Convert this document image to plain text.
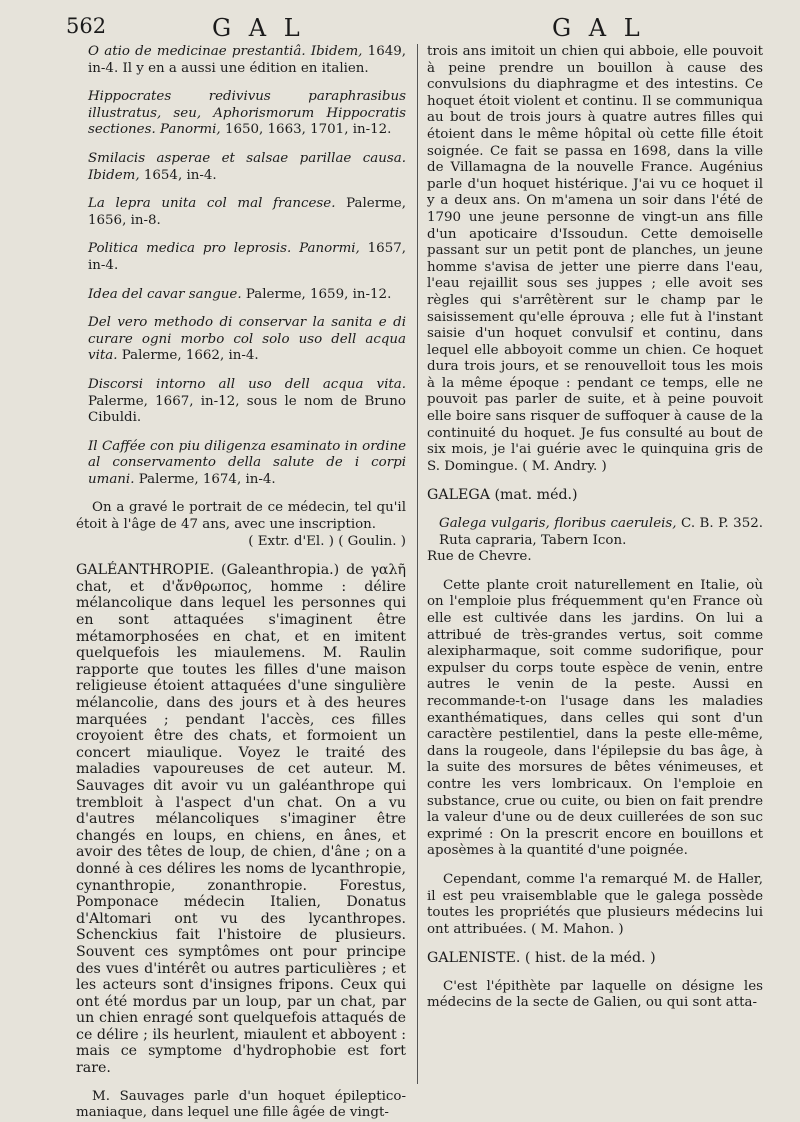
562	G A L	G A L

O atio de medicinae prestantiâ. Ibidem, 1649, in-4. Il y en a aussi une édition en italien.

Hippocrates redivivus paraphrasibus illustratus, seu, Aphorismorum Hippocratis sectiones. Panormi, 1650, 1663, 1701, in-12.

Smilacis asperae et salsae parillae causa. Ibidem, 1654, in-4.

La lepra unita col mal francese. Palerme, 1656, in-8.

Politica medica pro leprosis. Panormi, 1657, in-4.

Idea del cavar sangue. Palerme, 1659, in-12.

Del vero methodo di conservar la sanita e di curare ogni morbo col solo uso dell acqua vita. Palerme, 1662, in-4.

Discorsi intorno all uso dell acqua vita. Palerme, 1667, in-12, sous le nom de Bruno Cibuldi.

Il Caffée con piu diligenza esaminato in ordine al conservamento della salute de i corpi umani. Palerme, 1674, in-4.

On a gravé le portrait de ce médecin, tel qu'il étoit à l'âge de 47 ans, avec une inscription.

( Extr. d'El. ) ( Goulin. )

GALÉANTHROPIE. (Galeanthropia.) de γαλῆ chat, et d'ἄνθρωπος, homme : délire mélancolique dans lequel les personnes qui en sont attaquées s'imaginent être métamorphosées en chat, et en imitent quelquefois les miaulemens. M. Raulin rapporte que toutes les filles d'une maison religieuse étoient attaquées d'une singulière mélancolie, dans des jours et à des heures marquées ; pendant l'accès, ces filles croyoient être des chats, et formoient un concert miaulique. Voyez le traité des maladies vapoureuses de cet auteur. M. Sauvages dit avoir vu un galéanthrope qui trembloit à l'aspect d'un chat. On a vu d'autres mélancoliques s'imaginer être changés en loups, en chiens, en ânes, et avoir des têtes de loup, de chien, d'âne ; on a donné à ces délires les noms de lycanthropie, cynanthropie, zonanthropie. Forestus, Pomponace médecin Italien, Donatus d'Altomari ont vu des lycanthropes. Schenckius fait l'histoire de plusieurs. Souvent ces symptômes ont pour principe des vues d'intérêt ou autres particulières ; et les acteurs sont d'insignes fripons. Ceux qui ont été mordus par un loup, par un chat, par un chien enragé sont quelquefois attaqués de ce délire ; ils heurlent, miaulent et abboyent : mais ce symptome d'hydrophobie est fort rare.

M. Sauvages parle d'un hoquet épileptico-maniaque, dans lequel une fille âgée de vingt-

trois ans imitoit un chien qui abboie, elle pouvoit à peine prendre un bouillon à cause des convulsions du diaphragme et des intestins. Ce hoquet étoit violent et continu. Il se communiqua au bout de trois jours à quatre autres filles qui étoient dans le même hôpital où cette fille étoit soignée. Ce fait se passa en 1698, dans la ville de Villamagna de la nouvelle France. Augénius parle d'un hoquet histérique. J'ai vu ce hoquet il y a deux ans. On m'amena un soir dans l'été de 1790 une jeune personne de vingt-un ans fille d'un apoticaire d'Issoudun. Cette demoiselle passant sur un petit pont de planches, un jeune homme s'avisa de jetter une pierre dans l'eau, l'eau rejaillit sous ses juppes ; elle avoit ses règles qui s'arrêtèrent sur le champ par le saisissement qu'elle éprouva ; elle fut à l'instant saisie d'un hoquet convulsif et continu, dans lequel elle abboyoit comme un chien. Ce hoquet dura trois jours, et se renouvelloit tous les mois à la même époque : pendant ce temps, elle ne pouvoit pas parler de suite, et à peine pouvoit elle boire sans risquer de suffoquer à cause de la continuité du hoquet. Je fus consulté au bout de six mois, je l'ai guérie avec le quinquina gris de S. Domingue. ( M. Andry. )

GALEGA (mat. méd.)

Galega vulgaris, floribus caeruleis, C. B. P. 352. Ruta capraria, Tabern Icon.

Rue de Chevre.

Cette plante croit naturellement en Italie, où on l'emploie plus fréquemment qu'en France où elle est cultivée dans les jardins. On lui a attribué de très-grandes vertus, soit comme alexipharmaque, soit comme sudorifique, pour expulser du corps toute espèce de venin, entre autres le venin de la peste. Aussi en recommande-t-on l'usage dans les maladies exanthématiques, dans celles qui sont d'un caractère pestilentiel, dans la peste elle-même, dans la rougeole, dans l'épilepsie du bas âge, à la suite des morsures de bêtes vénimeuses, et contre les vers lombricaux. On l'emploie en substance, crue ou cuite, ou bien on fait prendre la valeur d'une ou de deux cuillerées de son suc exprimé : On la prescrit encore en bouillons et aposèmes à la quantité d'une poignée.

Cependant, comme l'a remarqué M. de Haller, il est peu vraisemblable que le galega possède toutes les propriétés que plusieurs médecins lui ont attribuées. ( M. Mahon. )

GALENISTE. ( hist. de la méd. )

C'est l'épithète par laquelle on désigne les médecins de la secte de Galien, ou qui sont atta-
